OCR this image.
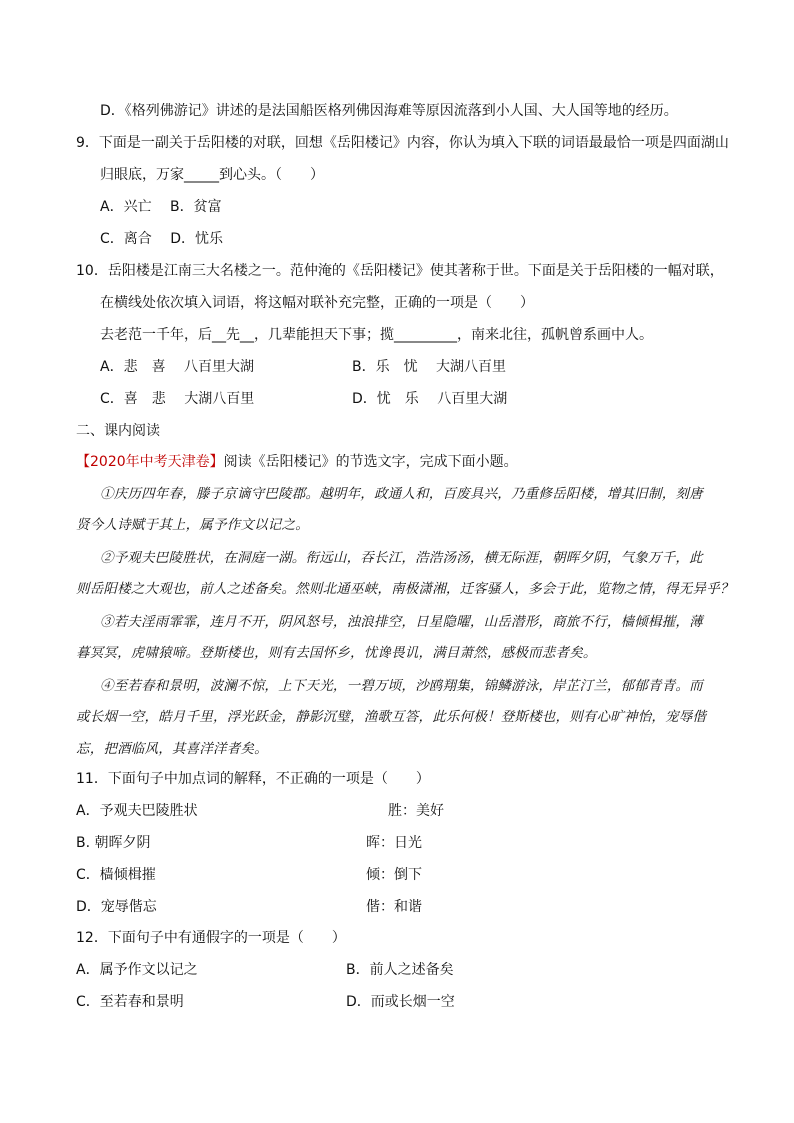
D．《格列佛游记》讲述的是法国船医格列佛因海难等原因流落到小人国、大人国等地的经历。
9．下面是一副关于岳阳楼的对联，回想《岳阳楼记》内容，你认为填入下联的词语最最恰一项是四面湖山
归眼底，万家_____到心头。（　　）
A．兴亡　 B．贫富
C．离合　 D．忧乐
10．岳阳楼是江南三大名楼之一。范仲淹的《岳阳楼记》使其著称于世。下面是关于岳阳楼的一幅对联，
在横线处依次填入词语，将这幅对联补充完整，正确的一项是（　　）
去老范一千年，后__先__，几辈能担天下事；揽_________，南来北往，孤帆曾系画中人。
A．悲　喜　 八百里大湖	B．乐　忧　 大湖八百里
C．喜　悲　 大湖八百里	D．忧　乐　 八百里大湖
二、课内阅读
【2020年中考天津卷】阅读《岳阳楼记》的节选文字，完成下面小题。
①庆历四年春，滕子京谪守巴陵郡。越明年，政通人和，百废具兴，乃重修岳阳楼，增其旧制，刻唐
贤今人诗赋于其上，属予作文以记之。
②予观夫巴陵胜状，在洞庭一湖。衔远山，吞长江，浩浩汤汤，横无际涯，朝晖夕阴，气象万千，此
则岳阳楼之大观也，前人之述备矣。然则北通巫峡，南极潇湘，迁客骚人，多会于此，览物之情，得无异乎？
③若夫淫雨霏霏，连月不开，阴风怒号，浊浪排空，日星隐曜，山岳潜形，商旅不行，樯倾楫摧，薄
暮冥冥，虎啸猿啼。登斯楼也，则有去国怀乡，忧谗畏讥，满目萧然，感极而悲者矣。
④至若春和景明，波澜不惊，上下天光，一碧万顷，沙鸥翔集，锦鳞游泳，岸芷汀兰，郁郁青青。而
或长烟一空，皓月千里，浮光跃金，静影沉璧，渔歌互答，此乐何极！登斯楼也，则有心旷神怡，宠辱偕
忘，把酒临风，其喜洋洋者矣。
11．下面句子中加点词的解释，不正确的一项是（　　）
A．予观夫巴陵胜状	胜：美好
B. 朝晖夕阴	晖：日光
C．樯倾楫摧	倾：倒下
D．宠辱偕忘	偕：和谐
12．下面句子中有通假字的一项是（　　）
A．属予作文以记之	B．前人之述备矣
C．至若春和景明	D．而或长烟一空
